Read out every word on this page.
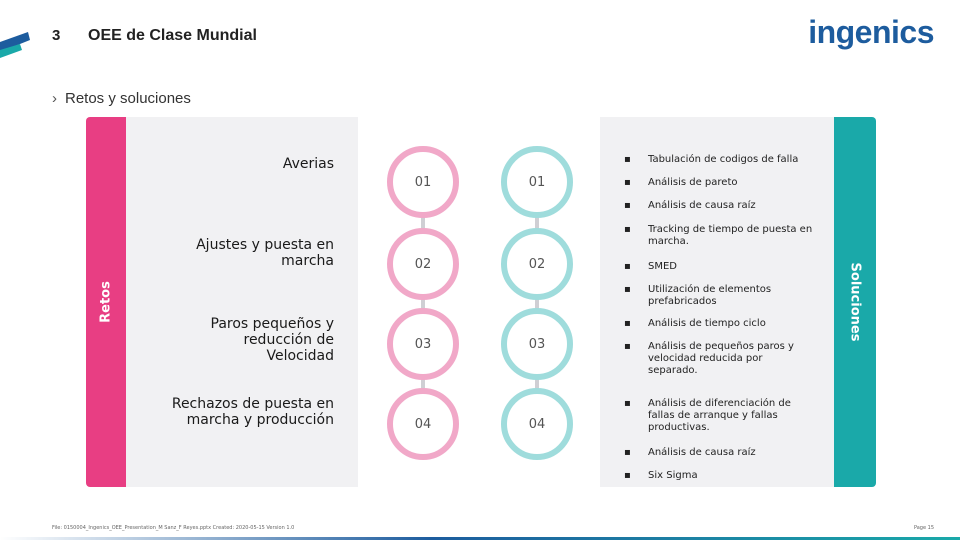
3 OEE de Clase Mundial	ingenics
› Retos y soluciones
Retos	Soluciones
Averias
Ajustes y puesta en marcha
Paros pequeños y reducción de Velocidad
Rechazos de puesta en marcha y producción
01
02
03
04
01
02
03
04
▪	Tabulación de codigos de falla
▪	Análisis de pareto
▪	Análisis de causa raíz
▪	Tracking de tiempo de puesta en marcha.
▪	SMED
▪	Utilización de elementos prefabricados
▪	Análisis de tiempo ciclo
▪	Análisis de pequeños paros y velocidad reducida por separado.
▪	Análisis de diferenciación de fallas de arranque y fallas productivas.
▪	Análisis de causa raíz
▪	Six Sigma
File: 0150004_Ingenics_OEE_Presentation_M Sanz_F Reyes.pptx Created: 2020-05-15 Version 1.0	Page 15
